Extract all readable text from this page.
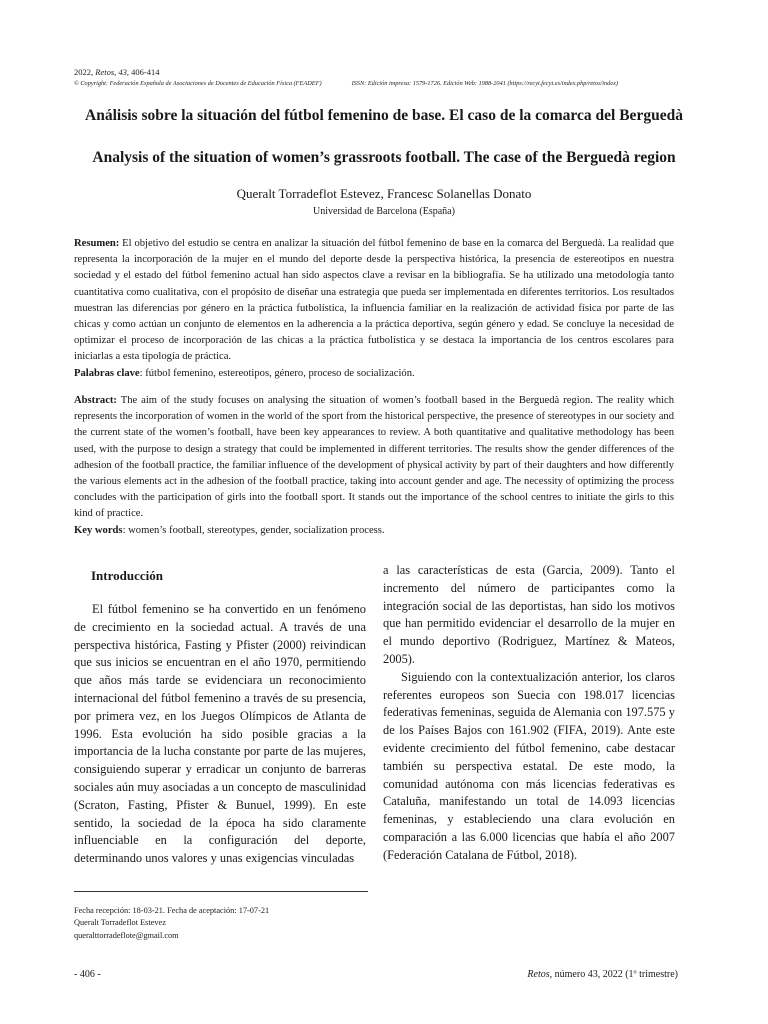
2022, Retos, 43, 406-414
© Copyright: Federación Española de Asociaciones de Docentes de Educación Física (FEADEF)	ISSN: Edición impresa: 1579-1726. Edición Web: 1988-2041 (https://recyt.fecyt.es/index.php/retos/index)
Análisis sobre la situación del fútbol femenino de base. El caso de la comarca del Berguedà
Analysis of the situation of women’s grassroots football. The case of the Berguedà region
Queralt Torradeflot Estevez, Francesc Solanellas Donato
Universidad de Barcelona (España)

Resumen: El objetivo del estudio se centra en analizar la situación del fútbol femenino de base en la comarca del Berguedà. La realidad que representa la incorporación de la mujer en el mundo del deporte desde la perspectiva histórica, la presencia de estereotipos en nuestra sociedad y el estado del fútbol femenino actual han sido aspectos clave a revisar en la bibliografía. Se ha utilizado una metodología tanto cuantitativa como cualitativa, con el propósito de diseñar una estrategia que pueda ser implementada en diferentes territorios. Los resultados muestran las diferencias por género en la práctica futbolística, la influencia familiar en la realización de actividad física por parte de las chicas y como actúan un conjunto de elementos en la adherencia a la práctica deportiva, según género y edad. Se concluye la necesidad de optimizar el proceso de incorporación de las chicas a la práctica futbolística y se destaca la importancia de los centros escolares para iniciarlas a esta tipología de práctica.

Palabras clave: fútbol femenino, estereotipos, género, proceso de socialización.

Abstract: The aim of the study focuses on analysing the situation of women’s football based in the Berguedà region. The reality which represents the incorporation of women in the world of the sport from the historical perspective, the presence of stereotypes in our society and the current state of the women’s football, have been key appearances to review. A both quantitative and qualitative methodology has been used, with the purpose to design a strategy that could be implemented in different territories. The results show the gender differences of the adhesion of the football practice, the familiar influence of the development of physical activity by part of their daughters and how differently the various elements act in the adhesion of the football practice, taking into account gender and age. The necessity of optimizing the process concludes with the participation of girls into the football sport. It stands out the importance of the school centres to initiate the girls to this kind of practice.

Key words: women’s football, stereotypes, gender, socialization process.

Introducción

El fútbol femenino se ha convertido en un fenómeno de crecimiento en la sociedad actual. A través de una perspectiva histórica, Fasting y Pfister (2000) reivindican que sus inicios se encuentran en el año 1970, permitiendo que años más tarde se evidenciara un reconocimiento internacional del fútbol femenino a través de su presencia, por primera vez, en los Juegos Olímpicos de Atlanta de 1996. Esta evolución ha sido posible gracias a la importancia de la lucha constante por parte de las mujeres, consiguiendo superar y erradicar un conjunto de barreras sociales aún muy asociadas a un concepto de masculinidad (Scraton, Fasting, Pfister & Bunuel, 1999). En este sentido, la sociedad de la época ha sido claramente influenciable en la configuración del deporte, determinando unos valores y unas exigencias vinculadas

a las características de esta (Garcia, 2009). Tanto el incremento del número de participantes como la integración social de las deportistas, han sido los motivos que han permitido evidenciar el desarrollo de la mujer en el mundo deportivo (Rodriguez, Martínez & Mateos, 2005).

Siguiendo con la contextualización anterior, los claros referentes europeos son Suecia con 198.017 licencias federativas femeninas, seguida de Alemania con 197.575 y de los Países Bajos con 161.902 (FIFA, 2019). Ante este evidente crecimiento del fútbol femenino, cabe destacar también su perspectiva estatal. De este modo, la comunidad autónoma con más licencias federativas es Cataluña, manifestando un total de 14.093 licencias femeninas, y estableciendo una clara evolución en comparación a las 6.000 licencias que había el año 2007 (Federación Catalana de Fútbol, 2018).

Fecha recepción: 18-03-21. Fecha de aceptación: 17-07-21
Queralt Torradeflot Estevez
queralttorradeflote@gmail.com
- 406 -	Retos, número 43, 2022 (1º trimestre)
